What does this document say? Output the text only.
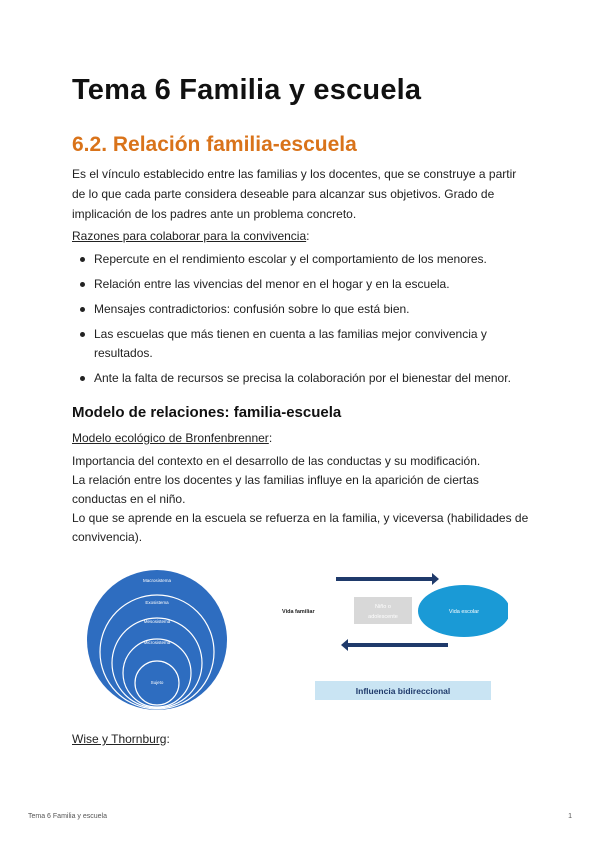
Tema 6 Familia y escuela
6.2. Relación familia-escuela

Es el vínculo establecido entre las familias y los docentes, que se construye a partir de lo que cada parte considera deseable para alcanzar sus objetivos. Grado de implicación de los padres ante un problema concreto.

Razones para colaborar para la convivencia:

Repercute en el rendimiento escolar y el comportamiento de los menores.
Relación entre las vivencias del menor en el hogar y en la escuela.
Mensajes contradictorios: confusión sobre lo que está bien.
Las escuelas que más tienen en cuenta a las familias mejor convivencia y resultados.
Ante la falta de recursos se precisa la colaboración por el bienestar del menor.
Modelo de relaciones: familia-escuela

Modelo ecológico de Bronfenbrenner:

Importancia del contexto en el desarrollo de las conductas y su modificación.

La relación entre los docentes y las familias influye en la aparición de ciertas conductas en el niño.

Lo que se aprende en la escuela se refuerza en la familia, y viceversa (habilidades de convivencia).

Macrosistema
Exosistema
Mesosistema
Microsistema
Sujeto
Vida familiar
Niño o
adolescente
Vida escolar
Influencia bidireccional

Wise y Thornburg:

Tema 6 Familia y escuela	1
